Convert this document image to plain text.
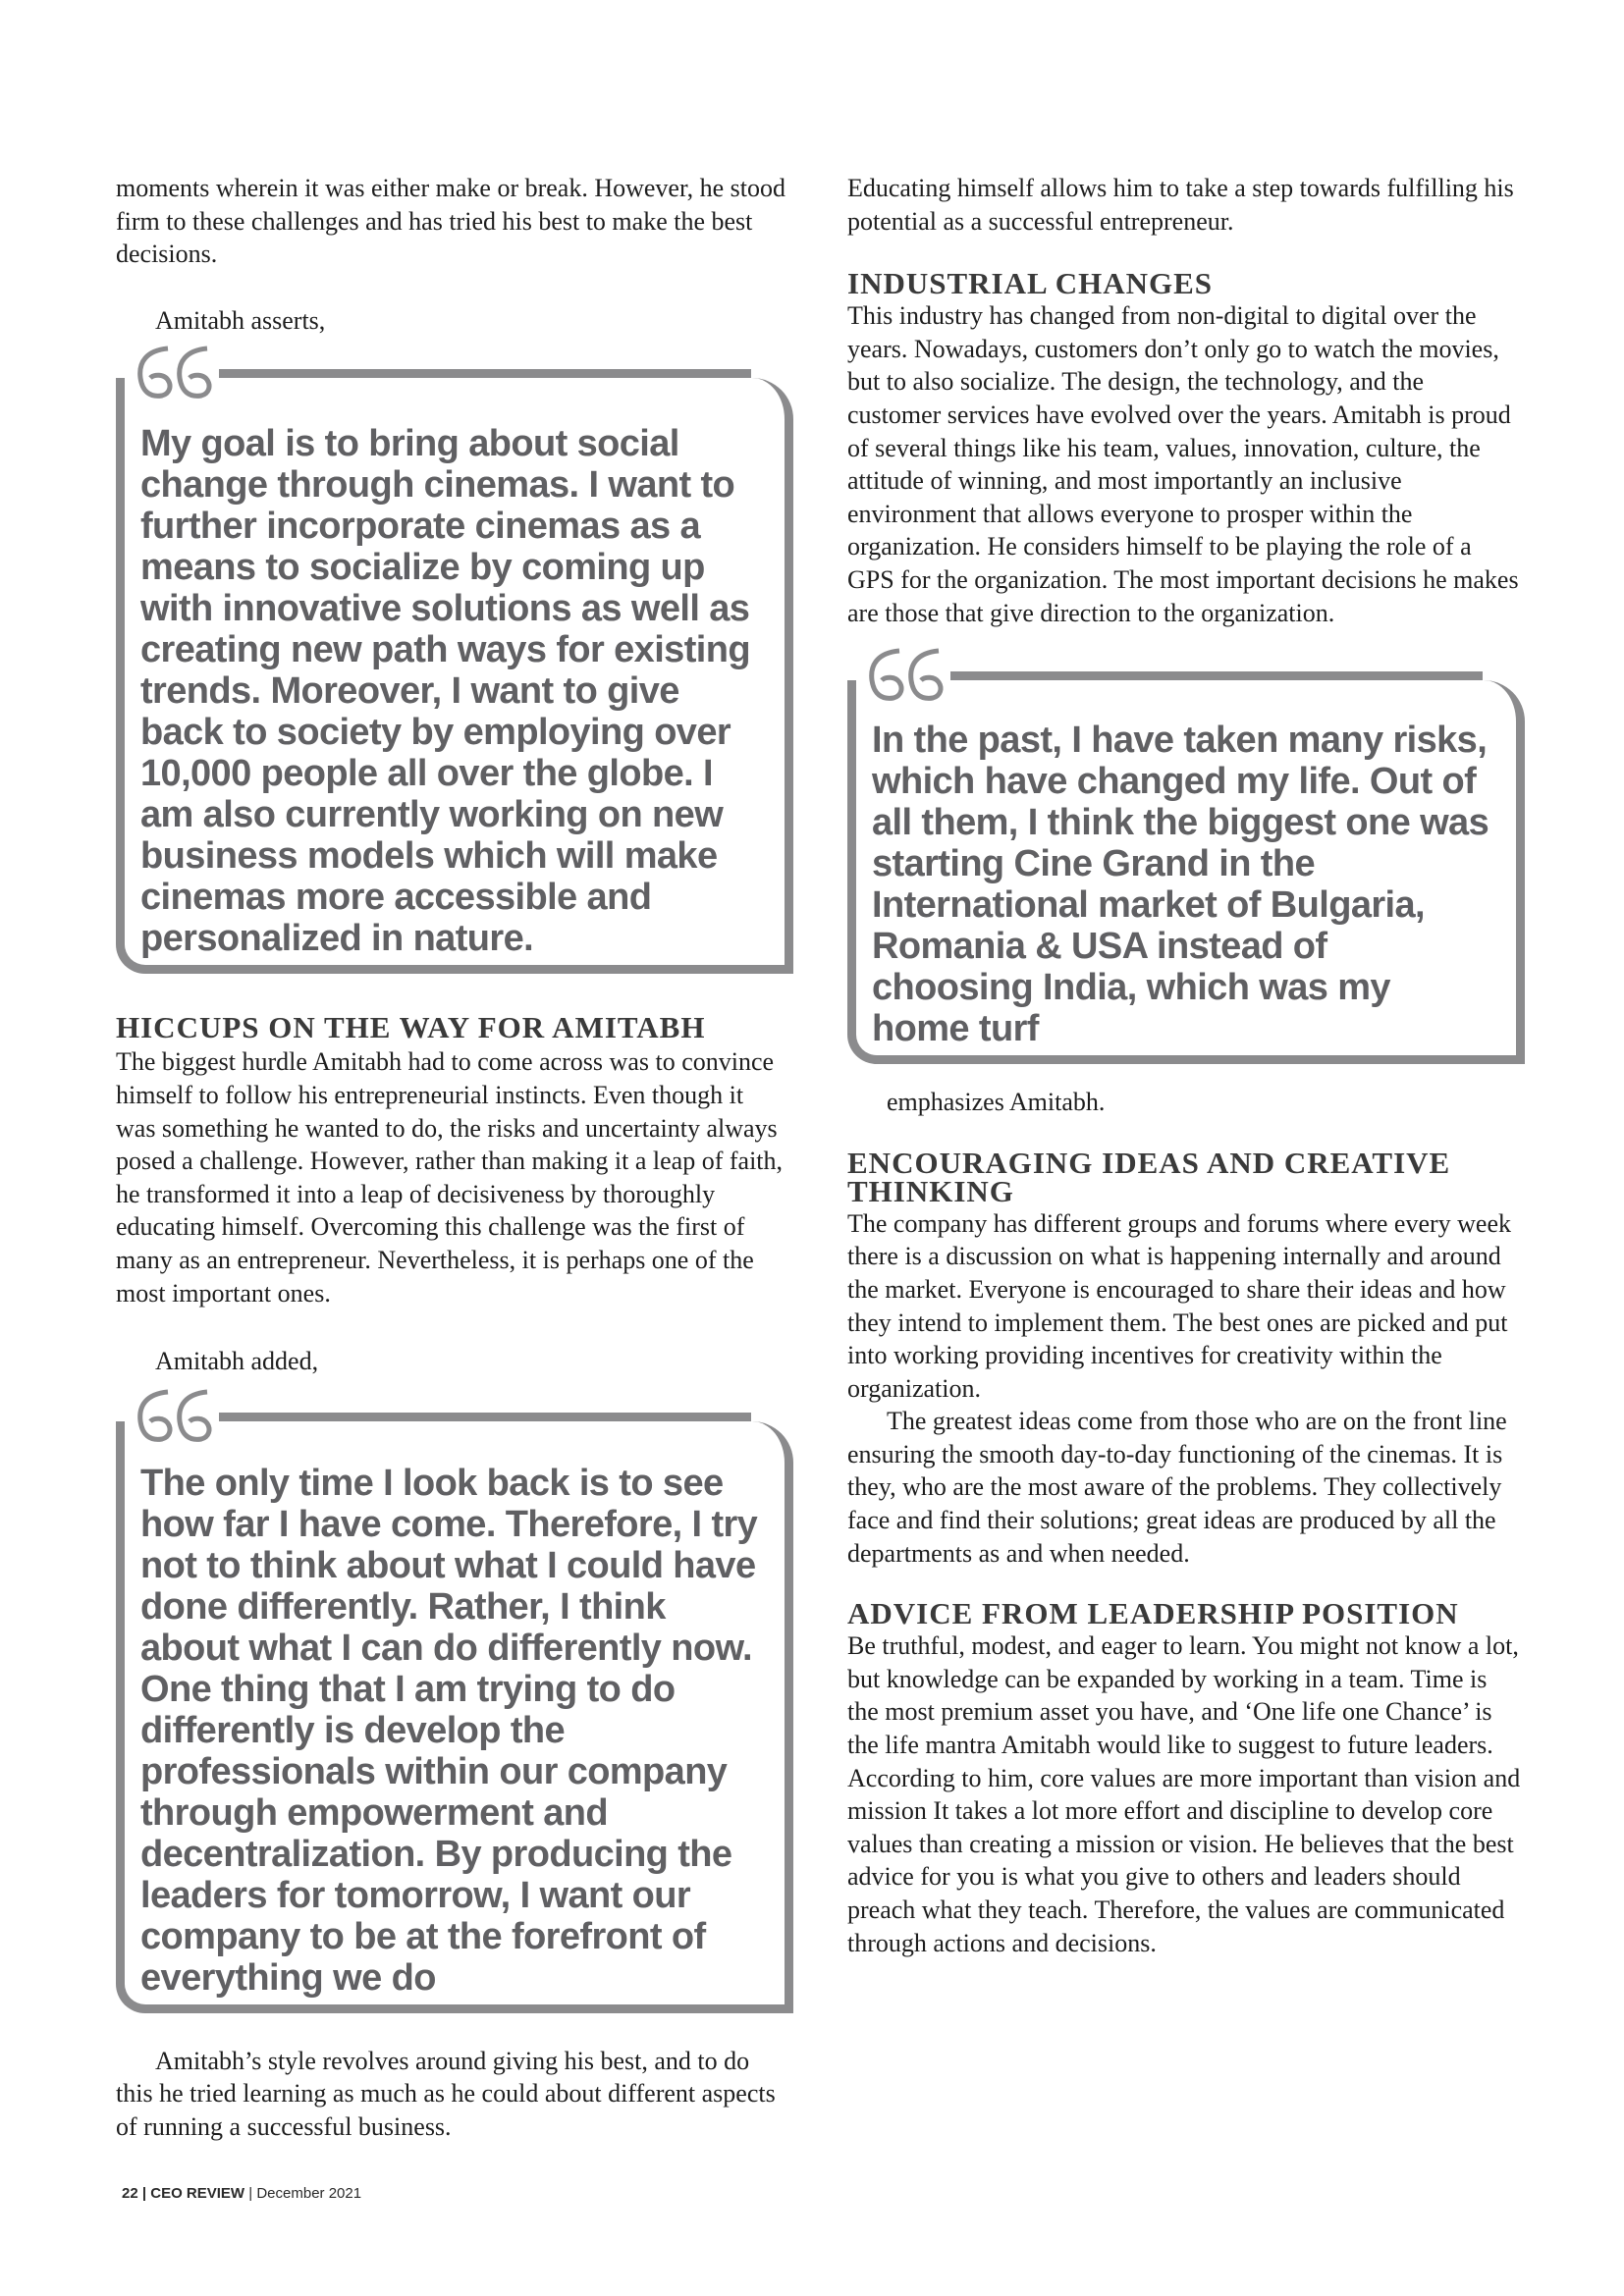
moments wherein it was either make or break. However, he stood firm to these challenges and has tried his best to make the best decisions.

Amitabh asserts,

My goal is to bring about social change through cinemas. I want to further incorporate cinemas as a means to socialize by coming up with innovative solutions as well as creating new path ways for existing trends. Moreover, I want to give back to society by employing over 10,000 people all over the globe. I am also currently working on new business models which will make cinemas more accessible and personalized in nature.

HICCUPS ON THE WAY FOR AMITABH

The biggest hurdle Amitabh had to come across was to convince himself to follow his entrepreneurial instincts. Even though it was something he wanted to do, the risks and uncertainty always posed a challenge. However, rather than making it a leap of faith, he transformed it into a leap of decisiveness by thoroughly educating himself. Overcoming this challenge was the first of many as an entrepreneur. Nevertheless, it is perhaps one of the most important ones.

Amitabh added,

The only time I look back is to see how far I have come. Therefore, I try not to think about what I could have done differently. Rather, I think about what I can do differently now. One thing that I am trying to do differently is develop the professionals within our company through empowerment and decentralization. By producing the leaders for tomorrow, I want our company to be at the forefront of everything we do

Amitabh’s style revolves around giving his best, and to do this he tried learning as much as he could about different aspects of running a successful business.

Educating himself allows him to take a step towards fulfilling his potential as a successful entrepreneur.

INDUSTRIAL CHANGES

This industry has changed from non-digital to digital over the years. Nowadays, customers don’t only go to watch the movies, but to also socialize. The design, the technology, and the customer services have evolved over the years. Amitabh is proud of several things like his team, values, innovation, culture, the attitude of winning, and most importantly an inclusive environment that allows everyone to prosper within the organization. He considers himself to be playing the role of a GPS for the organization. The most important decisions he makes are those that give direction to the organization.

In the past, I have taken many risks, which have changed my life. Out of all them, I think the biggest one was starting Cine Grand in the International market of Bulgaria, Romania & USA instead of choosing India, which was my home turf

emphasizes Amitabh.

ENCOURAGING IDEAS AND CREATIVE THINKING

The company has different groups and forums where every week there is a discussion on what is happening internally and around the market. Everyone is encouraged to share their ideas and how they intend to implement them. The best ones are picked and put into working providing incentives for creativity within the organization.

The greatest ideas come from those who are on the front line ensuring the smooth day-to-day functioning of the cinemas. It is they, who are the most aware of the problems. They collectively face and find their solutions; great ideas are produced by all the departments as and when needed.

ADVICE FROM LEADERSHIP POSITION

Be truthful, modest, and eager to learn. You might not know a lot, but knowledge can be expanded by working in a team. Time is the most premium asset you have, and ‘One life one Chance’ is the life mantra Amitabh would like to suggest to future leaders. According to him, core values are more important than vision and mission It takes a lot more effort and discipline to develop core values than creating a mission or vision. He believes that the best advice for you is what you give to others and leaders should preach what they teach. Therefore, the values are communicated through actions and decisions.

22 | CEO REVIEW | December 2021
